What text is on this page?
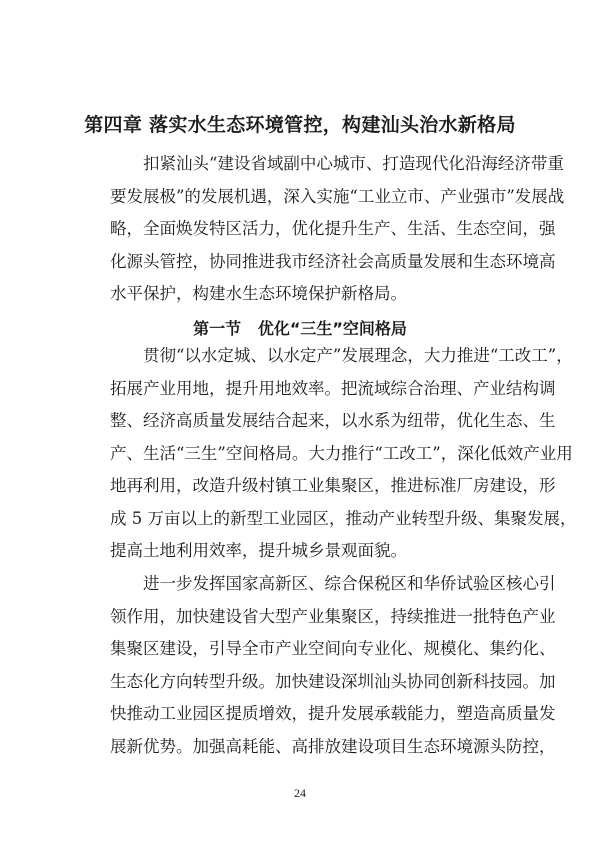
第四章 落实水生态环境管控，构建汕头治水新格局
扣紧汕头“建设省域副中心城市、打造现代化沿海经济带重
要发展极”的发展机遇，深入实施“工业立市、产业强市”发展战
略，全面焕发特区活力，优化提升生产、生活、生态空间，强
化源头管控，协同推进我市经济社会高质量发展和生态环境高
水平保护，构建水生态环境保护新格局。
第一节   优化“三生”空间格局
贯彻“以水定城、以水定产”发展理念，大力推进“工改工”，
拓展产业用地，提升用地效率。把流域综合治理、产业结构调
整、经济高质量发展结合起来，以水系为纽带，优化生态、生
产、生活“三生”空间格局。大力推行“工改工”，深化低效产业用
地再利用，改造升级村镇工业集聚区，推进标准厂房建设，形
成 5 万亩以上的新型工业园区，推动产业转型升级、集聚发展，
提高土地利用效率，提升城乡景观面貌。
进一步发挥国家高新区、综合保税区和华侨试验区核心引
领作用，加快建设省大型产业集聚区，持续推进一批特色产业
集聚区建设，引导全市产业空间向专业化、规模化、集约化、
生态化方向转型升级。加快建设深圳汕头协同创新科技园。加
快推动工业园区提质增效，提升发展承载能力，塑造高质量发
展新优势。加强高耗能、高排放建设项目生态环境源头防控，
24
